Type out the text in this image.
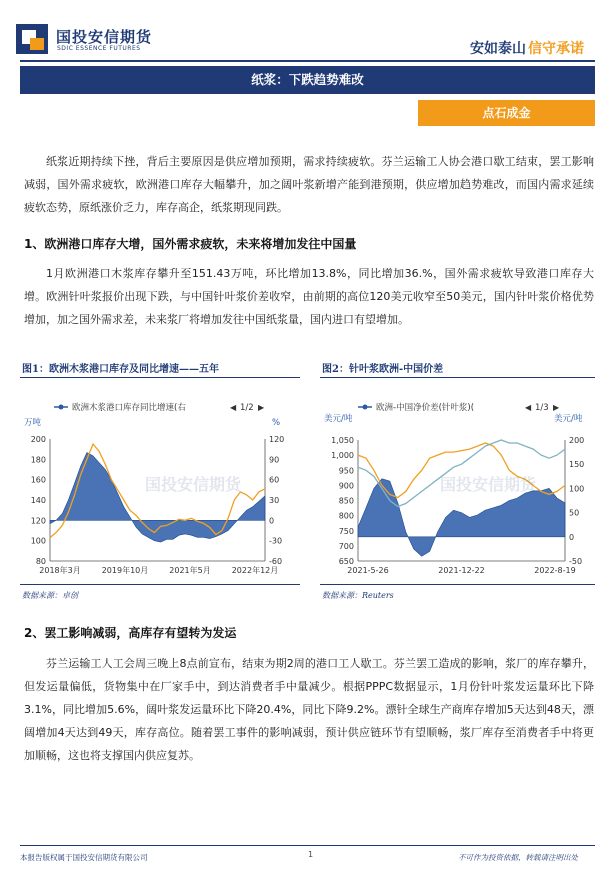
国投安信期货
SDIC ESSENCE FUTURES	安如泰山 信守承诺
纸浆：下跌趋势难改
点石成金
纸浆近期持续下挫，背后主要原因是供应增加预期，需求持续疲软。芬兰运输工人协会港口歇工结束，罢工影响减弱，国外需求疲软，欧洲港口库存大幅攀升，加之阔叶浆新增产能到港预期，供应增加趋势难改，而国内需求延续疲软态势，原纸涨价乏力，库存高企，纸浆期现同跌。
1、欧洲港口库存大增，国外需求疲软，未来将增加发往中国量
1月欧洲港口木浆库存攀升至151.43万吨，环比增加13.8%，同比增加36.%，国外需求疲软导致港口库存大增。欧洲针叶浆报价出现下跌，与中国针叶浆价差收窄，由前期的高位120美元收窄至50美元，国内针叶浆价格优势增加，加之国外需求差，未来浆厂将增加发往中国纸浆量，国内进口有望增加。
图1：欧洲木浆港口库存及同比增速——五年	图2：针叶浆欧洲-中国价差
欧洲木浆港口库存同比增速(右	◀ 1/2 ▶
万吨	%
200
180
160
140
120
100
80
120
90
60
30
0
-30
-60
2018年3月	2019年10月	2021年5月	2022年12月
国投安信期货
欧洲-中国净价差(针叶浆)(	◀ 1/3 ▶
美元/吨	美元/吨
1,050
1,000
950
900
850
800
750
700
650
200
150
100
50
0
-50
2021-5-26	2021-12-22	2022-8-19
国投安信期货
数据来源：卓创	数据来源：Reuters
2、罢工影响减弱，高库存有望转为发运
芬兰运输工人工会周三晚上8点前宣布，结束为期2周的港口工人歇工。芬兰罢工造成的影响，浆厂的库存攀升，但发运量偏低，货物集中在厂家手中，到达消费者手中量减少。根据PPPC数据显示，1月份针叶浆发运量环比下降3.1%，同比增加5.6%，阔叶浆发运量环比下降20.4%，同比下降9.2%。漂针全球生产商库存增加5天达到48天，漂阔增加4天达到49天，库存高位。随着罢工事件的影响减弱，预计供应链环节有望顺畅，浆厂库存至消费者手中将更加顺畅，这也将支撑国内供应复苏。
本报告版权属于国投安信期货有限公司	1	不可作为投资依据，转载请注明出处
